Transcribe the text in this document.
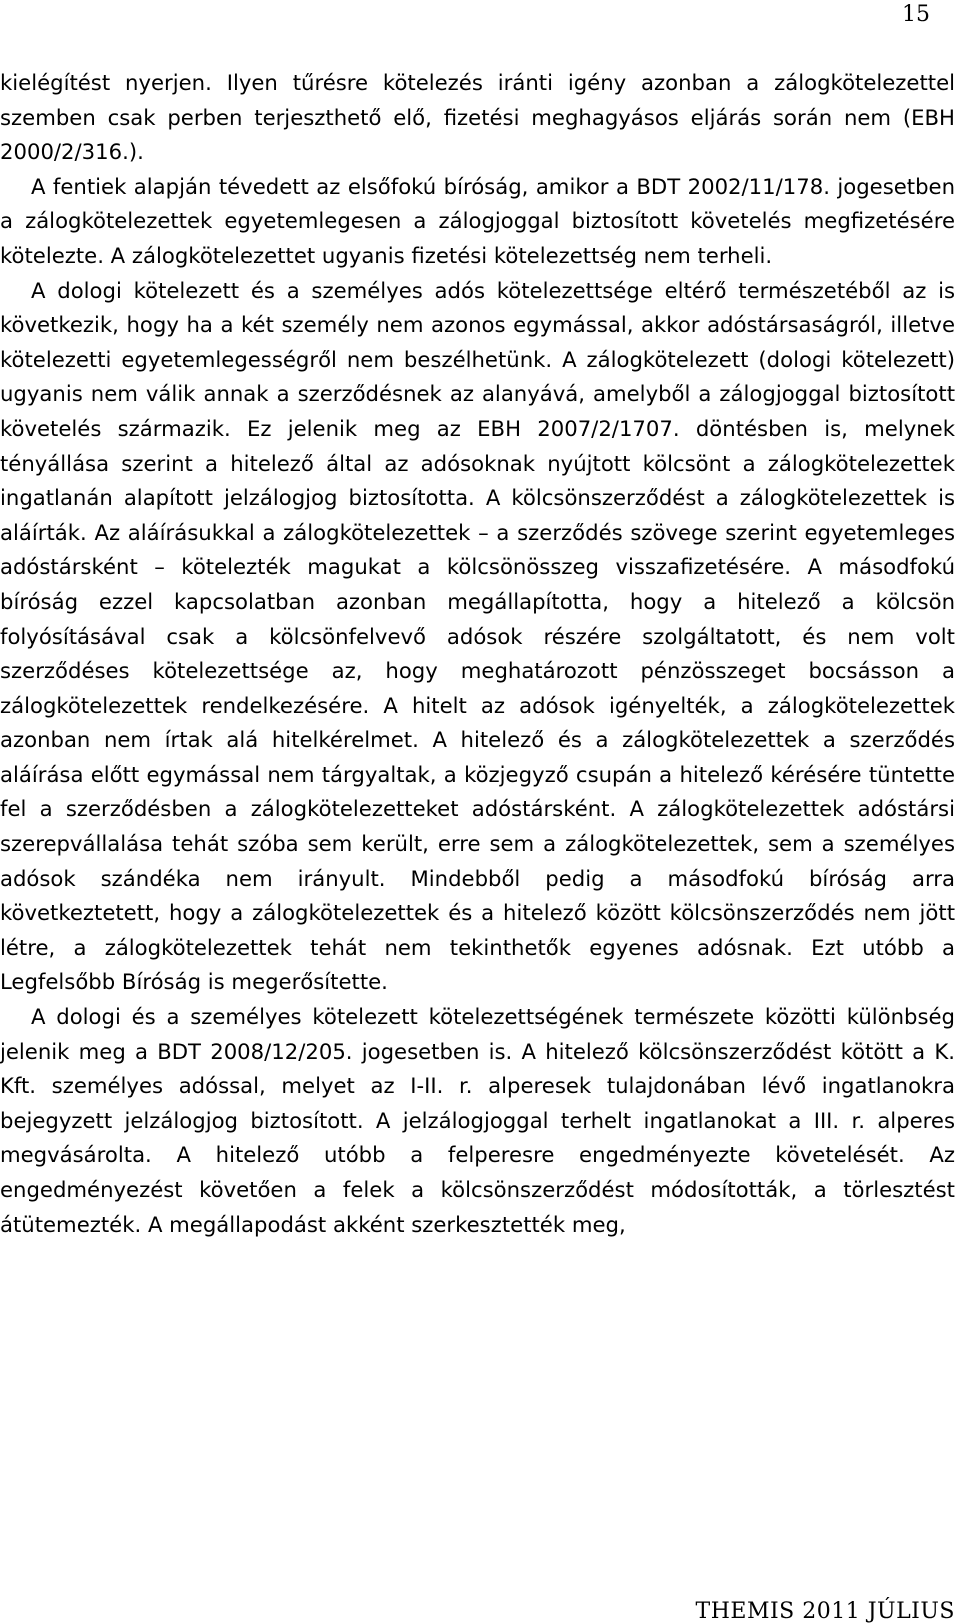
15

kielégítést nyerjen. Ilyen tűrésre kötelezés iránti igény azonban a zálogkötelezettel szemben csak perben terjeszthető elő, fizetési meghagyásos eljárás során nem (EBH 2000/2/316.).

A fentiek alapján tévedett az elsőfokú bíróság, amikor a BDT 2002/11/178. jogesetben a zálogkötelezettek egyetemlegesen a zálogjoggal biztosított követelés megfizetésére kötelezte. A zálogkötelezettet ugyanis fizetési kötelezettség nem terheli.

A dologi kötelezett és a személyes adós kötelezettsége eltérő természetéből az is következik, hogy ha a két személy nem azonos egymással, akkor adóstársaságról, illetve kötelezetti egyetemlegességről nem beszélhetünk. A zálogkötelezett (dologi kötelezett) ugyanis nem válik annak a szerződésnek az alanyává, amelyből a zálogjoggal biztosított követelés származik. Ez jelenik meg az EBH 2007/2/1707. döntésben is, melynek tényállása szerint a hitelező által az adósoknak nyújtott kölcsönt a zálogkötelezettek ingatlanán alapított jelzálogjog biztosította. A kölcsönszerződést a zálogkötelezettek is aláírták. Az aláírásukkal a zálogkötelezettek – a szerződés szövege szerint egyetemleges adóstársként – kötelezték magukat a kölcsönösszeg visszafizetésére. A másodfokú bíróság ezzel kapcsolatban azonban megállapította, hogy a hitelező a kölcsön folyósításával csak a kölcsönfelvevő adósok részére szolgáltatott, és nem volt szerződéses kötelezettsége az, hogy meghatározott pénzösszeget bocsásson a zálogkötelezettek rendelkezésére. A hitelt az adósok igényelték, a zálogkötelezettek azonban nem írtak alá hitelkérelmet. A hitelező és a zálogkötelezettek a szerződés aláírása előtt egymással nem tárgyaltak, a közjegyző csupán a hitelező kérésére tüntette fel a szerződésben a zálogkötelezetteket adóstársként. A zálogkötelezettek adóstársi szerepvállalása tehát szóba sem került, erre sem a zálogkötelezettek, sem a személyes adósok szándéka nem irányult. Mindebből pedig a másodfokú bíróság arra következtetett, hogy a zálogkötelezettek és a hitelező között kölcsönszerződés nem jött létre, a zálogkötelezettek tehát nem tekinthetők egyenes adósnak. Ezt utóbb a Legfelsőbb Bíróság is megerősítette.

A dologi és a személyes kötelezett kötelezettségének természete közötti különbség jelenik meg a BDT 2008/12/205. jogesetben is. A hitelező kölcsönszerződést kötött a K. Kft. személyes adóssal, melyet az I-II. r. alperesek tulajdonában lévő ingatlanokra bejegyzett jelzálogjog biztosított. A jelzálogjoggal terhelt ingatlanokat a III. r. alperes megvásárolta. A hitelező utóbb a felperesre engedményezte követelését. Az engedményezést követően a felek a kölcsönszerződést módosították, a törlesztést átütemezték. A megállapodást akként szerkesztették meg,

THEMIS 2011 JÚLIUS
